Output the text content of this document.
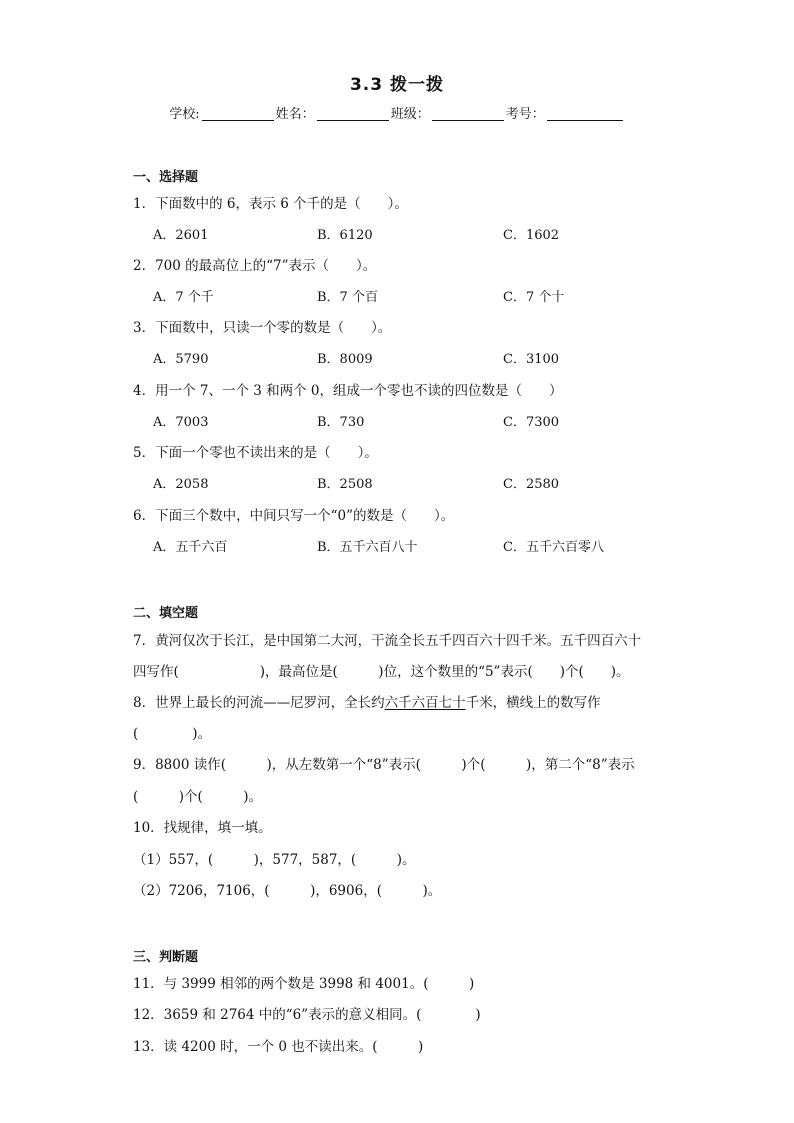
3.3 拨一拨
学校:	姓名：	班级：	考号：
一、选择题
1．下面数中的 6，表示 6 个千的是（　　）。
A．2601	B．6120	C．1602
2．700 的最高位上的“7”表示（　　）。
A．7 个千	B．7 个百	C．7 个十
3．下面数中，只读一个零的数是（　　）。
A．5790	B．8009	C．3100
4．用一个 7、一个 3 和两个 0，组成一个零也不读的四位数是（　　）
A．7003	B．730	C．7300
5．下面一个零也不读出来的是（　　）。
A．2058	B．2508	C．2580
6．下面三个数中，中间只写一个“0”的数是（　　）。
A．五千六百	B．五千六百八十	C．五千六百零八
二、填空题
7．黄河仅次于长江，是中国第二大河，干流全长五千四百六十四千米。五千四百六十
四写作(　　　　　　)，最高位是(　　　)位，这个数里的“5”表示(　　)个(　　)。
8．世界上最长的河流——尼罗河，全长约六千六百七十千米，横线上的数写作
(　　　　)。
9．8800 读作(　　　)，从左数第一个“8”表示(　　　)个(　　　)，第二个“8”表示
(　　　)个(　　　)。
10．找规律，填一填。
（1）557，(　　　)，577，587，(　　　)。
（2）7206，7106，(　　　)，6906，(　　　)。
三、判断题
11．与 3999 相邻的两个数是 3998 和 4001。(　　　)
12．3659 和 2764 中的“6”表示的意义相同。(　　　　)
13．读 4200 时，一个 0 也不读出来。(　　　)
